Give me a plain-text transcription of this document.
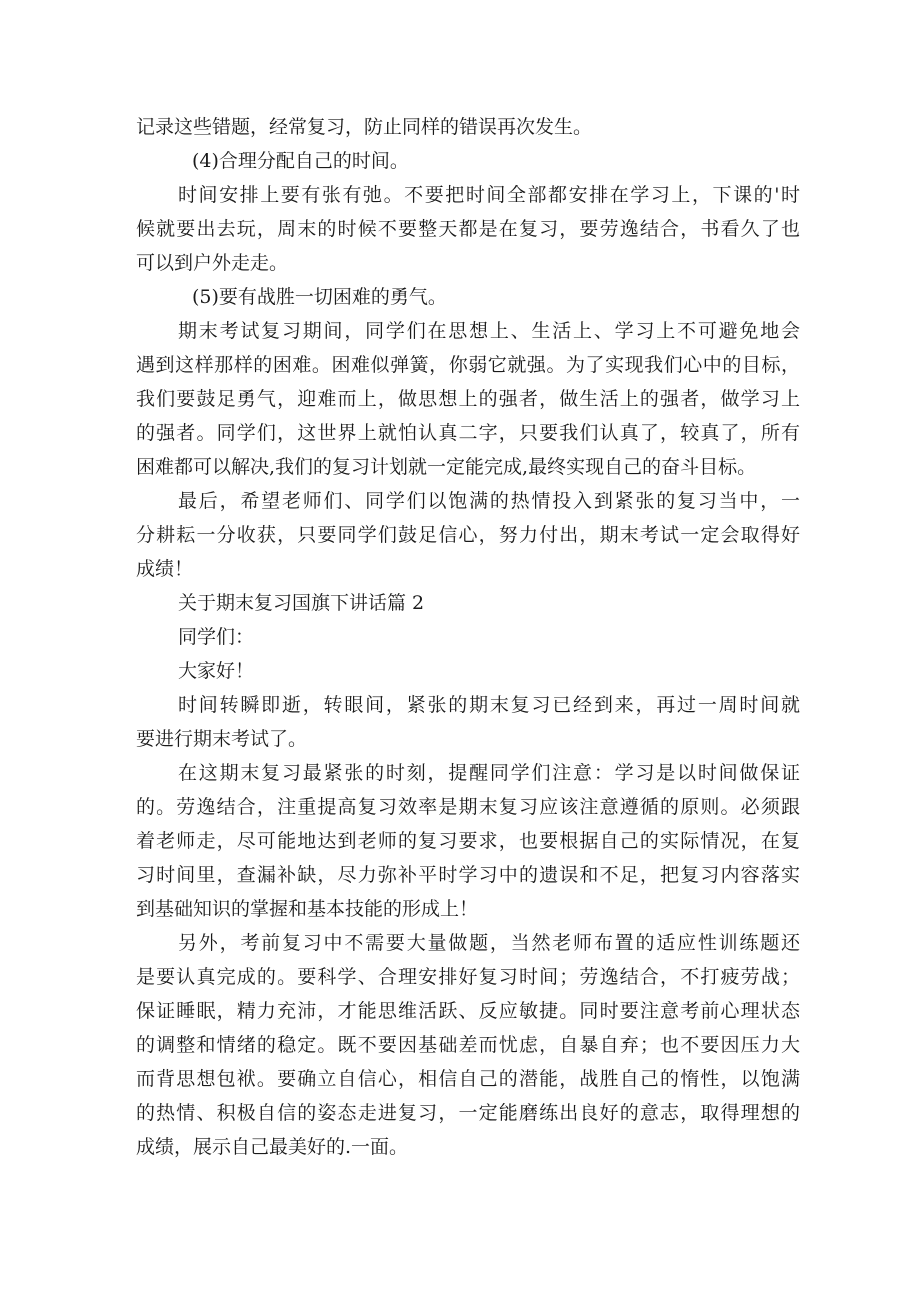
记录这些错题，经常复习，防止同样的错误再次发生。
(4)合理分配自己的时间。
时间安排上要有张有弛。不要把时间全部都安排在学习上，下课的'时
候就要出去玩，周末的时候不要整天都是在复习，要劳逸结合，书看久了也
可以到户外走走。
(5)要有战胜一切困难的勇气。
期末考试复习期间，同学们在思想上、生活上、学习上不可避免地会
遇到这样那样的困难。困难似弹簧，你弱它就强。为了实现我们心中的目标，
我们要鼓足勇气，迎难而上，做思想上的强者，做生活上的强者，做学习上
的强者。同学们，这世界上就怕认真二字，只要我们认真了，较真了，所有
困难都可以解决,我们的复习计划就一定能完成,最终实现自己的奋斗目标。
最后，希望老师们、同学们以饱满的热情投入到紧张的复习当中，一
分耕耘一分收获，只要同学们鼓足信心，努力付出，期末考试一定会取得好
成绩！
关于期末复习国旗下讲话篇 2
同学们：
大家好！
时间转瞬即逝，转眼间，紧张的期末复习已经到来，再过一周时间就
要进行期末考试了。
在这期末复习最紧张的时刻，提醒同学们注意：学习是以时间做保证
的。劳逸结合，注重提高复习效率是期末复习应该注意遵循的原则。必须跟
着老师走，尽可能地达到老师的复习要求，也要根据自己的实际情况，在复
习时间里，查漏补缺，尽力弥补平时学习中的遗误和不足，把复习内容落实
到基础知识的掌握和基本技能的形成上！
另外，考前复习中不需要大量做题，当然老师布置的适应性训练题还
是要认真完成的。要科学、合理安排好复习时间；劳逸结合，不打疲劳战；
保证睡眠，精力充沛，才能思维活跃、反应敏捷。同时要注意考前心理状态
的调整和情绪的稳定。既不要因基础差而忧虑，自暴自弃；也不要因压力大
而背思想包袱。要确立自信心，相信自己的潜能，战胜自己的惰性，以饱满
的热情、积极自信的姿态走进复习，一定能磨练出良好的意志，取得理想的
成绩，展示自己最美好的.一面。
